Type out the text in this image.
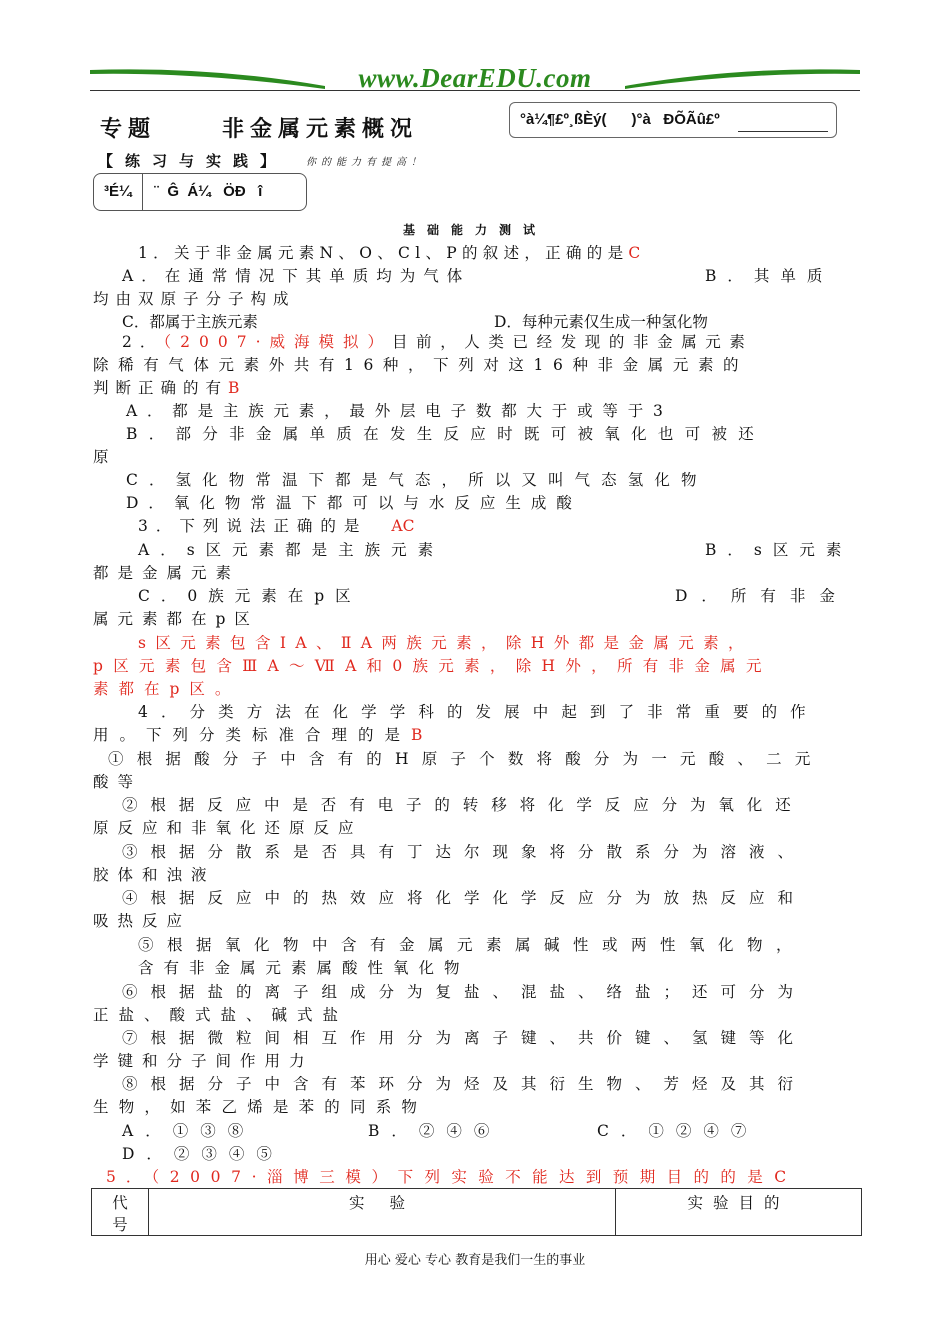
www.DearEDU.com
专题	非金属元素概况	°à¼¶£º¸ßÈý(      )°à   ÐÕÃû£º
【练习与实践】 你的能力有提高！
³É¼ ¨  Ĝ  Á¼   ÖÐ   î
基础能力测试
1．关于非金属元素N、O、Cl、P的叙述，正确的是C
A．在通常情况下其单质均为气体	B．其单质
均由双原子分子构成
C．都属于主族元素	D．每种元素仅生成一种氢化物
2．（2007·威海模拟）目前，人类已经发现的非金属元素
除稀有气体元素外共有16种，下列对这16种非金属元素的
判断正确的有B
A．都是主族元素，最外层电子数都大于或等于3
B．部分非金属单质在发生反应时既可被氧化也可被还
原
C．氢化物常温下都是气态，所以又叫气态氢化物
D．氧化物常温下都可以与水反应生成酸
3．下列说法正确的是 AC
A．s区元素都是主族元素	B．s区元素
都是金属元素
C．0族元素在p区	D．所有非金
属元素都在p区
s区元素包含ⅠA、ⅡA两族元素，除H外都是金属元素，
p区元素包含ⅢA～ⅦA和0族元素，除H外，所有非金属元
素都在p区。
4．分类方法在化学学科的发展中起到了非常重要的作
用。下列分类标准合理的是B
①根据酸分子中含有的H原子个数将酸分为一元酸、二元
酸等
②根据反应中是否有电子的转移将化学反应分为氧化还
原反应和非氧化还原反应
③根据分散系是否具有丁达尔现象将分散系分为溶液、
胶体和浊液
④根据反应中的热效应将化学化学反应分为放热反应和
吸热反应
⑤根据氧化物中含有金属元素属碱性或两性氧化物，
含有非金属元素属酸性氧化物
⑥根据盐的离子组成分为复盐、混盐、络盐；还可分为
正盐、酸式盐、碱式盐
⑦根据微粒间相互作用分为离子键、共价键、氢键等化
学键和分子间作用力
⑧根据分子中含有苯环分为烃及其衍生物、芳烃及其衍
生物，如苯乙烯是苯的同系物
A．①③⑧	B．②④⑥	C．①②④⑦
D．②③④⑤
5．（2007·淄博三模）下列实验不能达到预期目的的是C
代
号
	实 验	实验目的
用心 爱心 专心 教育是我们一生的事业
